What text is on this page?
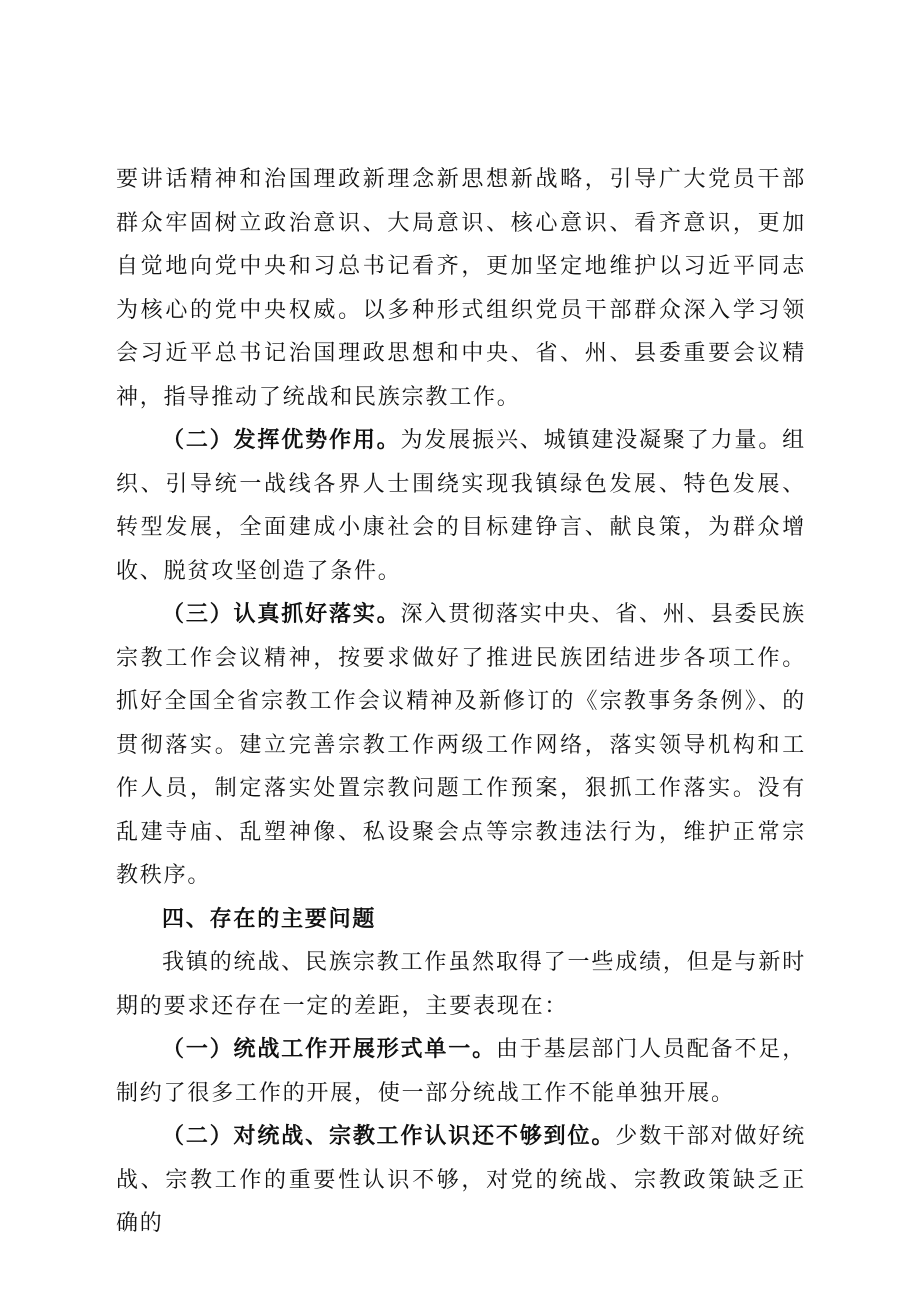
要讲话精神和治国理政新理念新思想新战略，引导广大党员干部群众牢固树立政治意识、大局意识、核心意识、看齐意识，更加自觉地向党中央和习总书记看齐，更加坚定地维护以习近平同志为核心的党中央权威。以多种形式组织党员干部群众深入学习领会习近平总书记治国理政思想和中央、省、州、县委重要会议精神，指导推动了统战和民族宗教工作。

（二）发挥优势作用。为发展振兴、城镇建没凝聚了力量。组织、引导统一战线各界人士围绕实现我镇绿色发展、特色发展、转型发展，全面建成小康社会的目标建铮言、献良策，为群众增收、脱贫攻坚创造了条件。

（三）认真抓好落实。深入贯彻落实中央、省、州、县委民族宗教工作会议精神，按要求做好了推进民族团结进步各项工作。抓好全国全省宗教工作会议精神及新修订的《宗教事务条例》、的贯彻落实。建立完善宗教工作两级工作网络，落实领导机构和工作人员，制定落实处置宗教问题工作预案，狠抓工作落实。没有乱建寺庙、乱塑神像、私设聚会点等宗教违法行为，维护正常宗教秩序。

四、存在的主要问题

我镇的统战、民族宗教工作虽然取得了一些成绩，但是与新时期的要求还存在一定的差距，主要表现在：

（一）统战工作开展形式单一。由于基层部门人员配备不足，制约了很多工作的开展，使一部分统战工作不能单独开展。

（二）对统战、宗教工作认识还不够到位。少数干部对做好统战、宗教工作的重要性认识不够，对党的统战、宗教政策缺乏正确的
